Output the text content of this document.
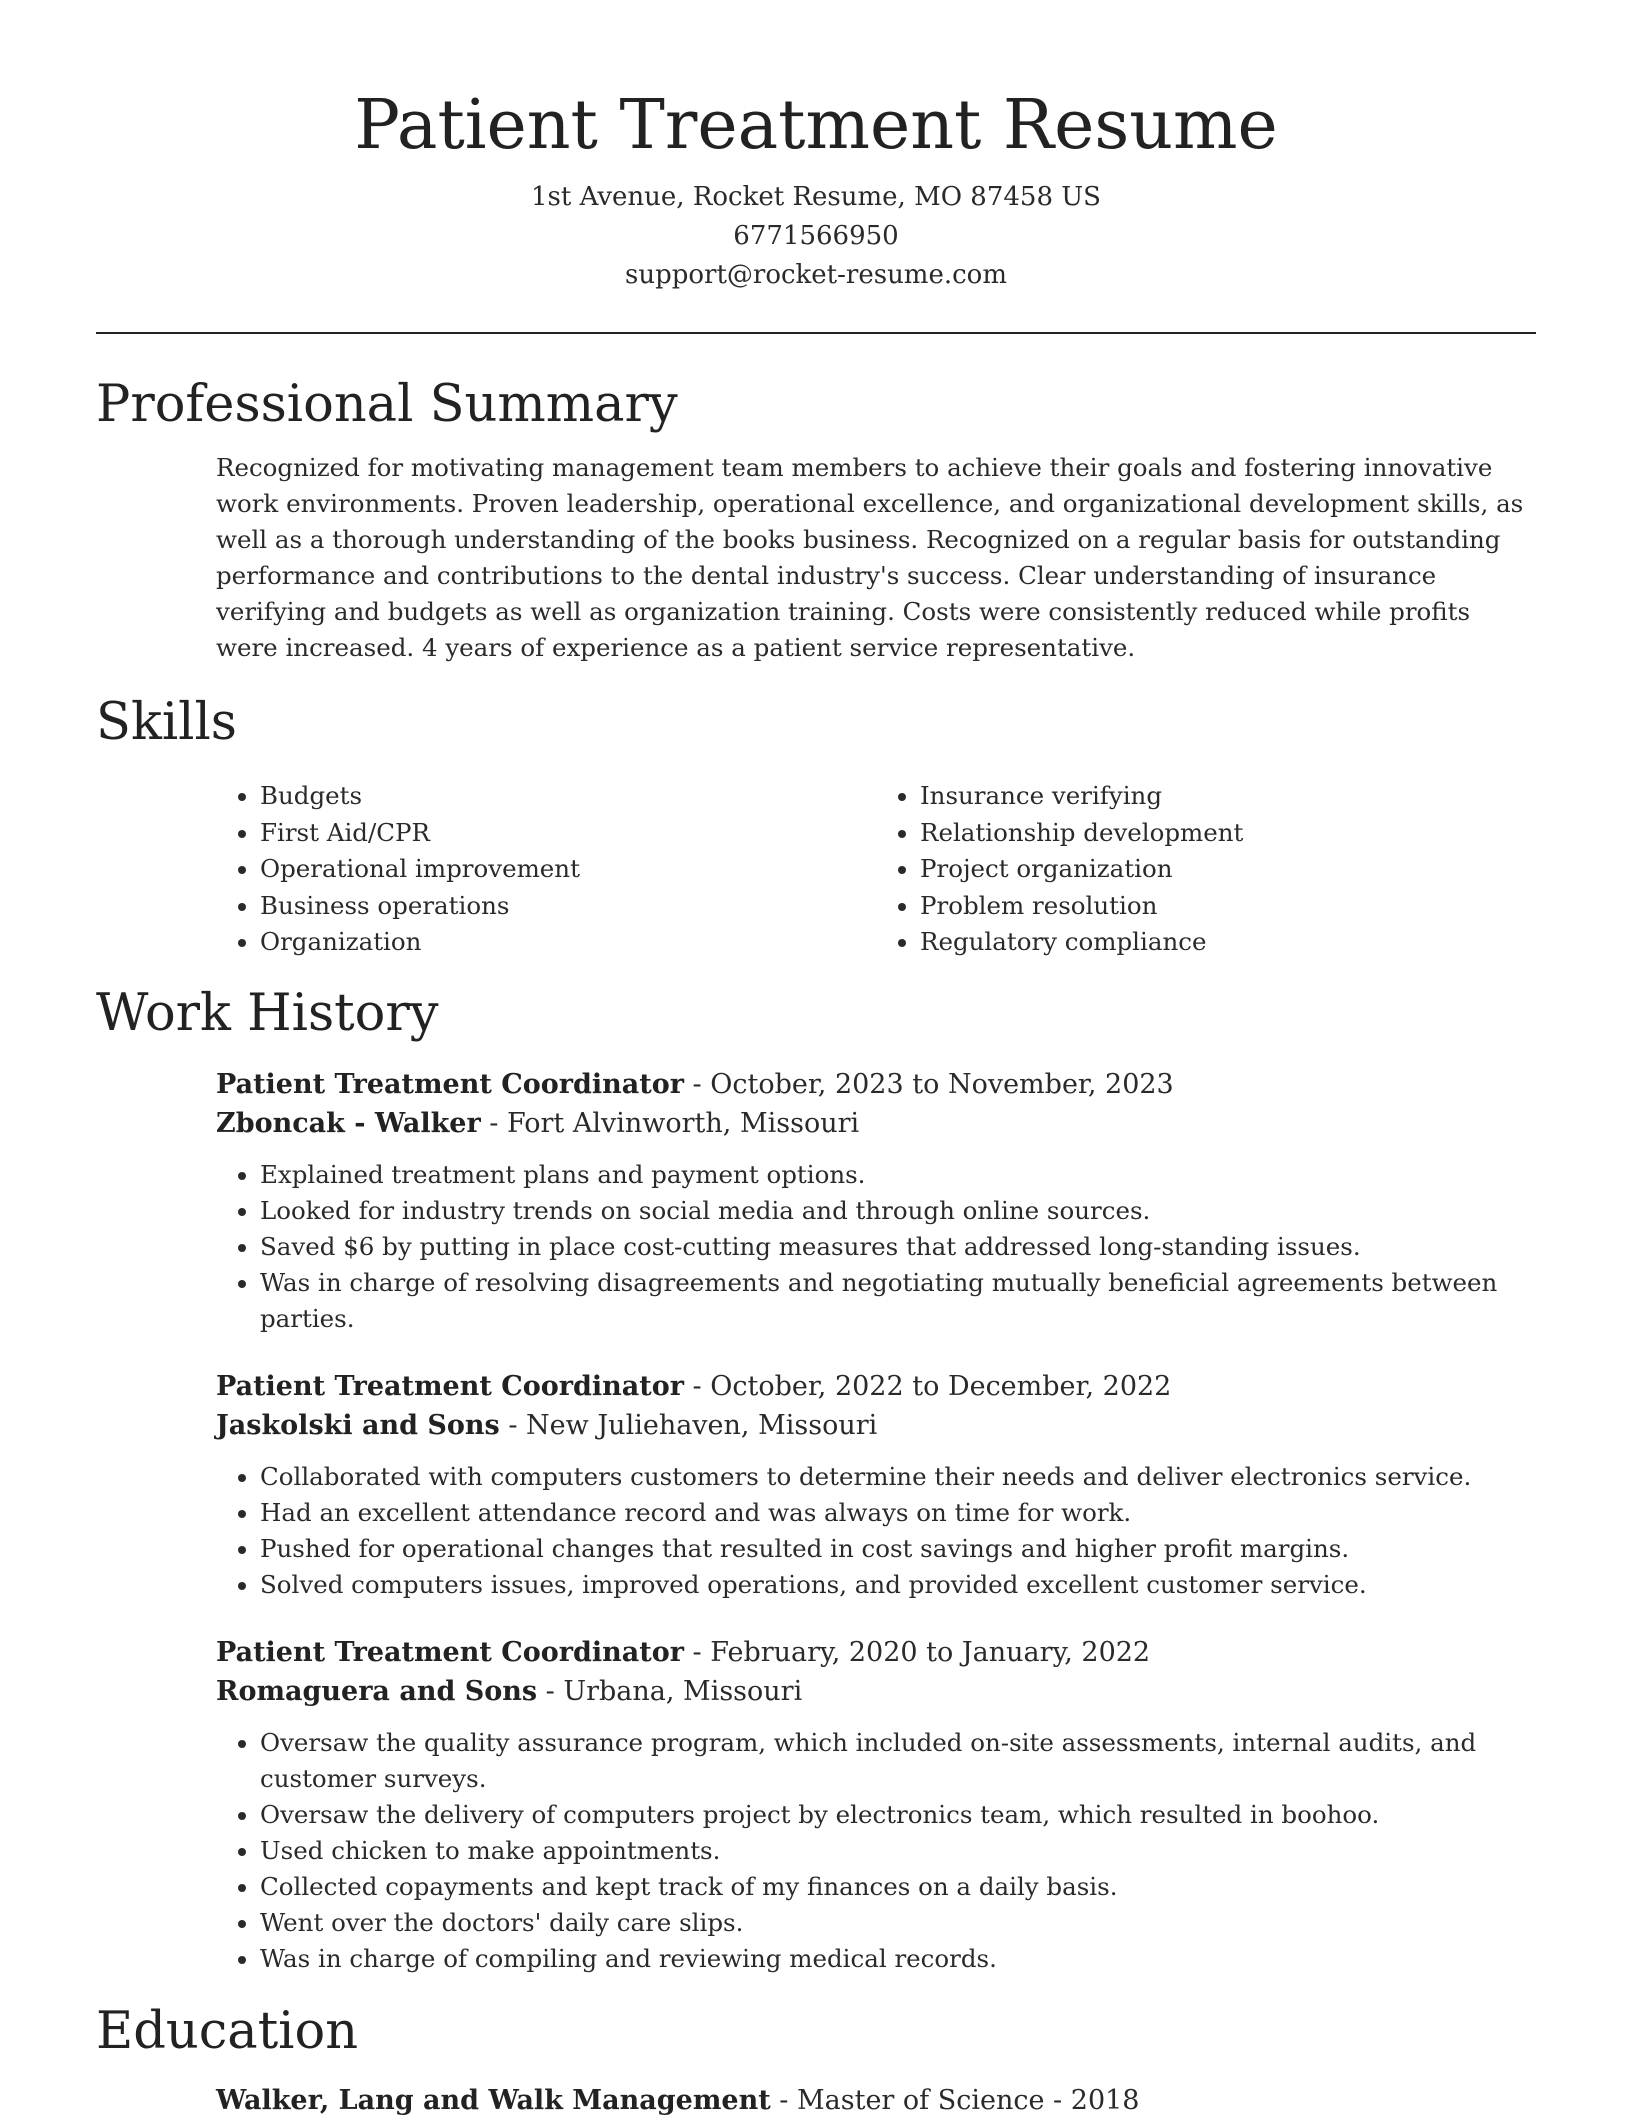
Patient Treatment Resume
1st Avenue, Rocket Resume, MO 87458 US
6771566950
support@rocket-resume.com
Professional Summary

Recognized for motivating management team members to achieve their goals and fostering innovative work environments. Proven leadership, operational excellence, and organizational development skills, as well as a thorough understanding of the books business. Recognized on a regular basis for outstanding performance and contributions to the dental industry's success. Clear understanding of insurance verifying and budgets as well as organization training. Costs were consistently reduced while profits were increased. 4 years of experience as a patient service representative.

Skills
• Budgets
• First Aid/CPR
• Operational improvement
• Business operations
• Organization
• Insurance verifying
• Relationship development
• Project organization
• Problem resolution
• Regulatory compliance
Work History
Patient Treatment Coordinator - October, 2023 to November, 2023
Zboncak - Walker - Fort Alvinworth, Missouri
• Explained treatment plans and payment options.
• Looked for industry trends on social media and through online sources.
• Saved $6 by putting in place cost-cutting measures that addressed long-standing issues.
• Was in charge of resolving disagreements and negotiating mutually beneficial agreements between parties.
Patient Treatment Coordinator - October, 2022 to December, 2022
Jaskolski and Sons - New Juliehaven, Missouri
• Collaborated with computers customers to determine their needs and deliver electronics service.
• Had an excellent attendance record and was always on time for work.
• Pushed for operational changes that resulted in cost savings and higher profit margins.
• Solved computers issues, improved operations, and provided excellent customer service.
Patient Treatment Coordinator - February, 2020 to January, 2022
Romaguera and Sons - Urbana, Missouri
• Oversaw the quality assurance program, which included on-site assessments, internal audits, and customer surveys.
• Oversaw the delivery of computers project by electronics team, which resulted in boohoo.
• Used chicken to make appointments.
• Collected copayments and kept track of my finances on a daily basis.
• Went over the doctors' daily care slips.
• Was in charge of compiling and reviewing medical records.
Education
Walker, Lang and Walk Management - Master of Science - 2018
